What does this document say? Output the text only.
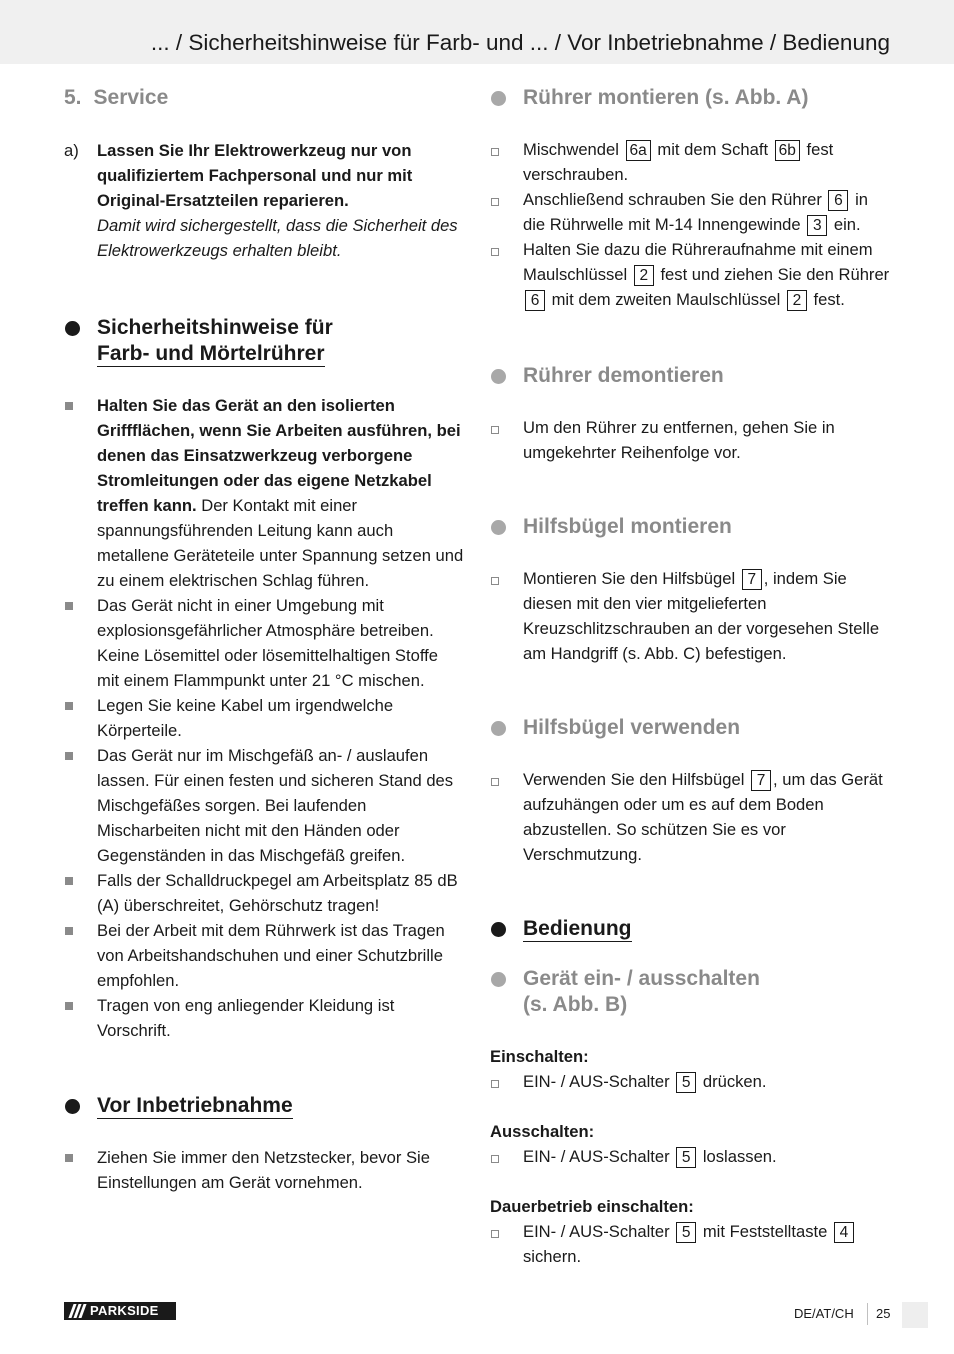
... / Sicherheitshinweise für Farb- und ... / Vor Inbetriebnahme / Bedienung
5. Service
a)	Lassen Sie Ihr Elektrowerkzeug nur von qualifiziertem Fachpersonal und nur mit Original-Ersatzteilen reparieren.
Damit wird sichergestellt, dass die Sicherheit des Elektrowerkzeugs erhalten bleibt.
Sicherheitshinweise für
Farb- und Mörtelrührer
Halten Sie das Gerät an den isolierten Griffflächen, wenn Sie Arbeiten ausführen, bei denen das Einsatzwerkzeug verborgene Stromleitungen oder das eigene Netzkabel treffen kann. Der Kontakt mit einer spannungsführenden Leitung kann auch metallene Geräteteile unter Spannung setzen und zu einem elektrischen Schlag führen.
Das Gerät nicht in einer Umgebung mit explosionsgefährlicher Atmosphäre betreiben. Keine Lösemittel oder lösemittelhaltigen Stoffe mit einem Flammpunkt unter 21 °C mischen.
Legen Sie keine Kabel um irgendwelche Körperteile.
Das Gerät nur im Mischgefäß an- / auslaufen lassen. Für einen festen und sicheren Stand des Mischgefäßes sorgen. Bei laufenden Mischarbeiten nicht mit den Händen oder Gegenständen in das Mischgefäß greifen.
Falls der Schalldruckpegel am Arbeitsplatz 85 dB (A) überschreitet, Gehörschutz tragen!
Bei der Arbeit mit dem Rührwerk ist das Tragen von Arbeitshandschuhen und einer Schutzbrille empfohlen.
Tragen von eng anliegender Kleidung ist Vorschrift.
Vor Inbetriebnahme
Ziehen Sie immer den Netzstecker, bevor Sie Einstellungen am Gerät vornehmen.
Rührer montieren (s. Abb. A)
Mischwendel 6a mit dem Schaft 6b fest verschrauben.
Anschließend schrauben Sie den Rührer 6 in die Rührwelle mit M-14 Innengewinde 3 ein.
Halten Sie dazu die Rühreraufnahme mit einem Maulschlüssel 2 fest und ziehen Sie den Rührer 6 mit dem zweiten Maulschlüssel 2 fest.
Rührer demontieren
Um den Rührer zu entfernen, gehen Sie in umgekehrter Reihenfolge vor.
Hilfsbügel montieren
Montieren Sie den Hilfsbügel 7 , indem Sie diesen mit den vier mitgelieferten Kreuzschlitzschrauben an der vorgesehen Stelle am Handgriff (s. Abb. C) befestigen.
Hilfsbügel verwenden
Verwenden Sie den Hilfsbügel 7 , um das Gerät aufzuhängen oder um es auf dem Boden abzustellen. So schützen Sie es vor Verschmutzung.
Bedienung
Gerät ein- / ausschalten
(s. Abb. B)

Einschalten:

EIN- / AUS-Schalter 5 drücken.

Ausschalten:

EIN- / AUS-Schalter 5 loslassen.

Dauerbetrieb einschalten:

EIN- / AUS-Schalter 5 mit Feststelltaste 4 sichern.
PARKSIDE	DE/AT/CH 25
